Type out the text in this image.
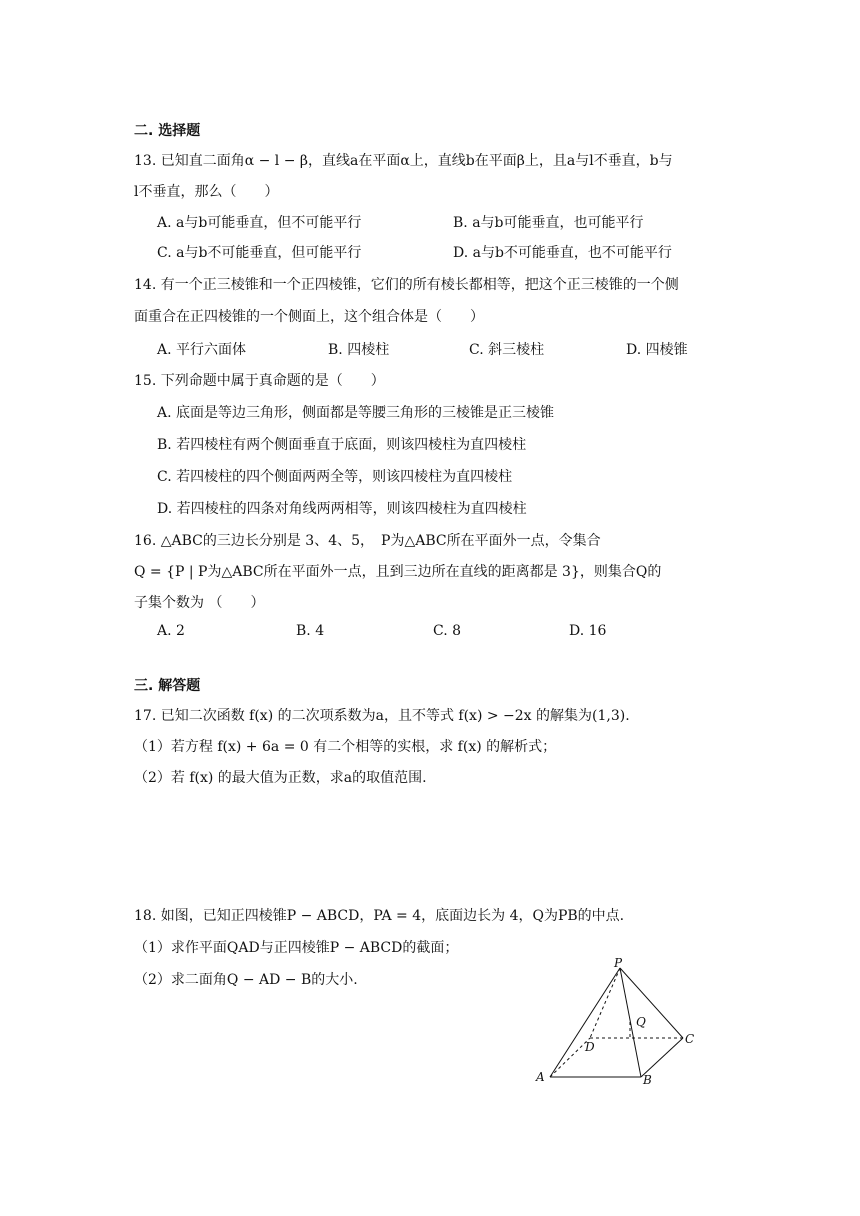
二. 选择题
13. 已知直二面角α − l − β，直线a在平面α上，直线b在平面β上，且a与l不垂直，b与
l不垂直，那么（　　）
A. a与b可能垂直，但不可能平行	B. a与b可能垂直，也可能平行
C. a与b不可能垂直，但可能平行	D. a与b不可能垂直，也不可能平行
14. 有一个正三棱锥和一个正四棱锥，它们的所有棱长都相等，把这个正三棱锥的一个侧
面重合在正四棱锥的一个侧面上，这个组合体是（　　）
A. 平行六面体	B. 四棱柱	C. 斜三棱柱	D. 四棱锥
15. 下列命题中属于真命题的是（　　）
A. 底面是等边三角形，侧面都是等腰三角形的三棱锥是正三棱锥
B. 若四棱柱有两个侧面垂直于底面，则该四棱柱为直四棱柱
C. 若四棱柱的四个侧面两两全等，则该四棱柱为直四棱柱
D. 若四棱柱的四条对角线两两相等，则该四棱柱为直四棱柱
16. △ABC的三边长分别是 3、4、5，　P为△ABC所在平面外一点，令集合
Q = {P | P为△ABC所在平面外一点，且到三边所在直线的距离都是 3}，则集合Q的
子集个数为 （　　）
A. 2	B. 4	C. 8	D. 16
三. 解答题
17. 已知二次函数 f(x) 的二次项系数为a，且不等式 f(x) > −2x 的解集为(1,3).
（1）若方程 f(x) + 6a = 0 有二个相等的实根，求 f(x) 的解析式；
（2）若 f(x) 的最大值为正数，求a的取值范围.
18. 如图，已知正四棱锥P − ABCD，PA = 4，底面边长为 4，Q为PB的中点.
（1）求作平面QAD与正四棱锥P − ABCD的截面；
（2）求二面角Q − AD − B的大小.
P
Q
D
C
A	B
